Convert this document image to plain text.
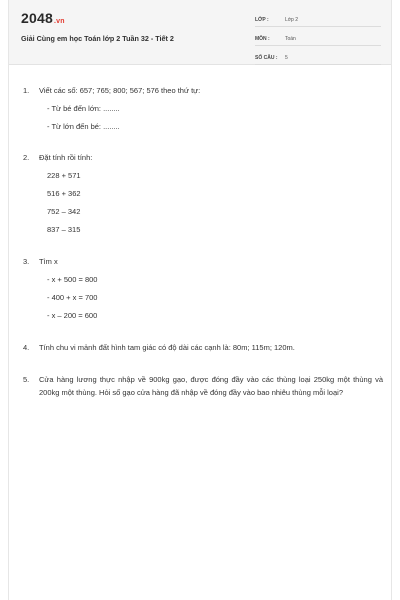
2048.vn
Giải Cùng em học Toán lớp 2 Tuần 32 - Tiết 2
LỚP :	Lớp 2
MÔN :	Toán
SỐ CÂU :	5
1. Viết các số: 657; 765; 800; 567; 576 theo thứ tự:
- Từ bé đến lớn: ........
- Từ lớn đến bé: ........
2. Đặt tính rồi tính:
228 + 571
516 + 362
752 – 342
837 – 315
3. Tìm x
- x + 500 = 800
- 400 + x = 700
- x – 200 = 600
4. Tính chu vi mảnh đất hình tam giác có độ dài các cạnh là: 80m; 115m; 120m.
5. Cửa hàng lương thực nhập về 900kg gạo, được đóng đầy vào các thùng loại 250kg một thùng và 200kg một thùng. Hỏi số gạo cửa hàng đã nhập về đóng đầy vào bao nhiêu thùng mỗi loại?
